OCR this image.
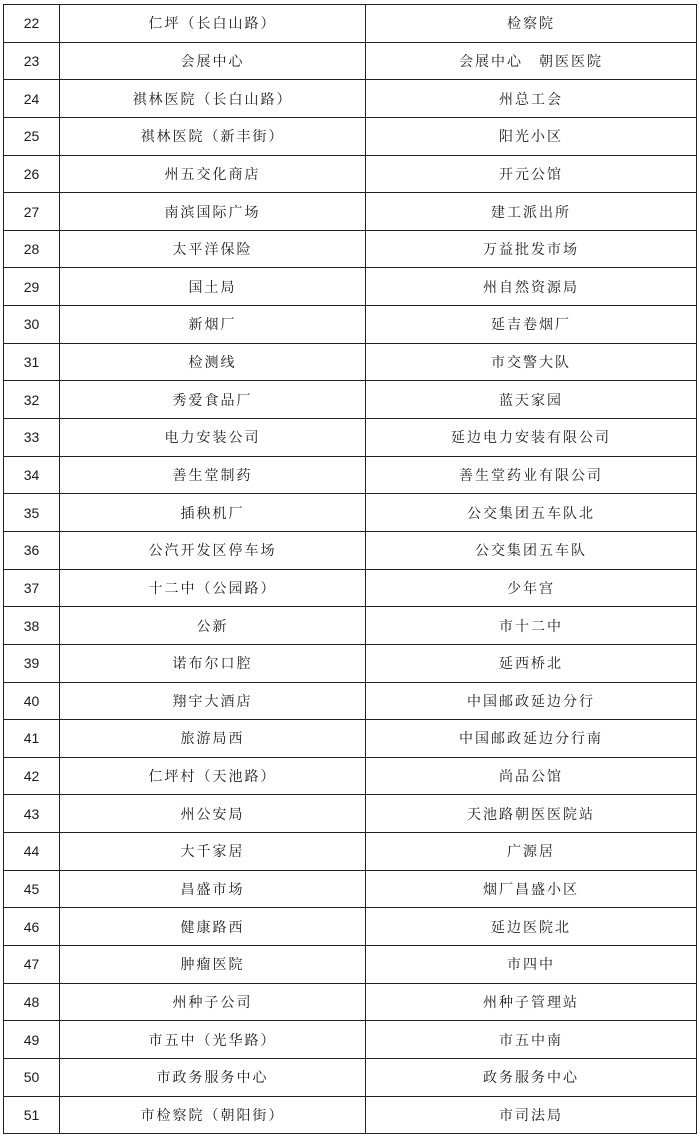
22	仁坪（长白山路）	检察院
23	会展中心	会展中心　朝医医院
24	祺林医院（长白山路）	州总工会
25	祺林医院（新丰街）	阳光小区
26	州五交化商店	开元公馆
27	南滨国际广场	建工派出所
28	太平洋保险	万益批发市场
29	国土局	州自然资源局
30	新烟厂	延吉卷烟厂
31	检测线	市交警大队
32	秀爱食品厂	蓝天家园
33	电力安装公司	延边电力安装有限公司
34	善生堂制药	善生堂药业有限公司
35	插秧机厂	公交集团五车队北
36	公汽开发区停车场	公交集团五车队
37	十二中（公园路）	少年宫
38	公新	市十二中
39	诺布尔口腔	延西桥北
40	翔宇大酒店	中国邮政延边分行
41	旅游局西	中国邮政延边分行南
42	仁坪村（天池路）	尚品公馆
43	州公安局	天池路朝医医院站
44	大千家居	广源居
45	昌盛市场	烟厂昌盛小区
46	健康路西	延边医院北
47	肿瘤医院	市四中
48	州种子公司	州种子管理站
49	市五中（光华路）	市五中南
50	市政务服务中心	政务服务中心
51	市检察院（朝阳街）	市司法局
